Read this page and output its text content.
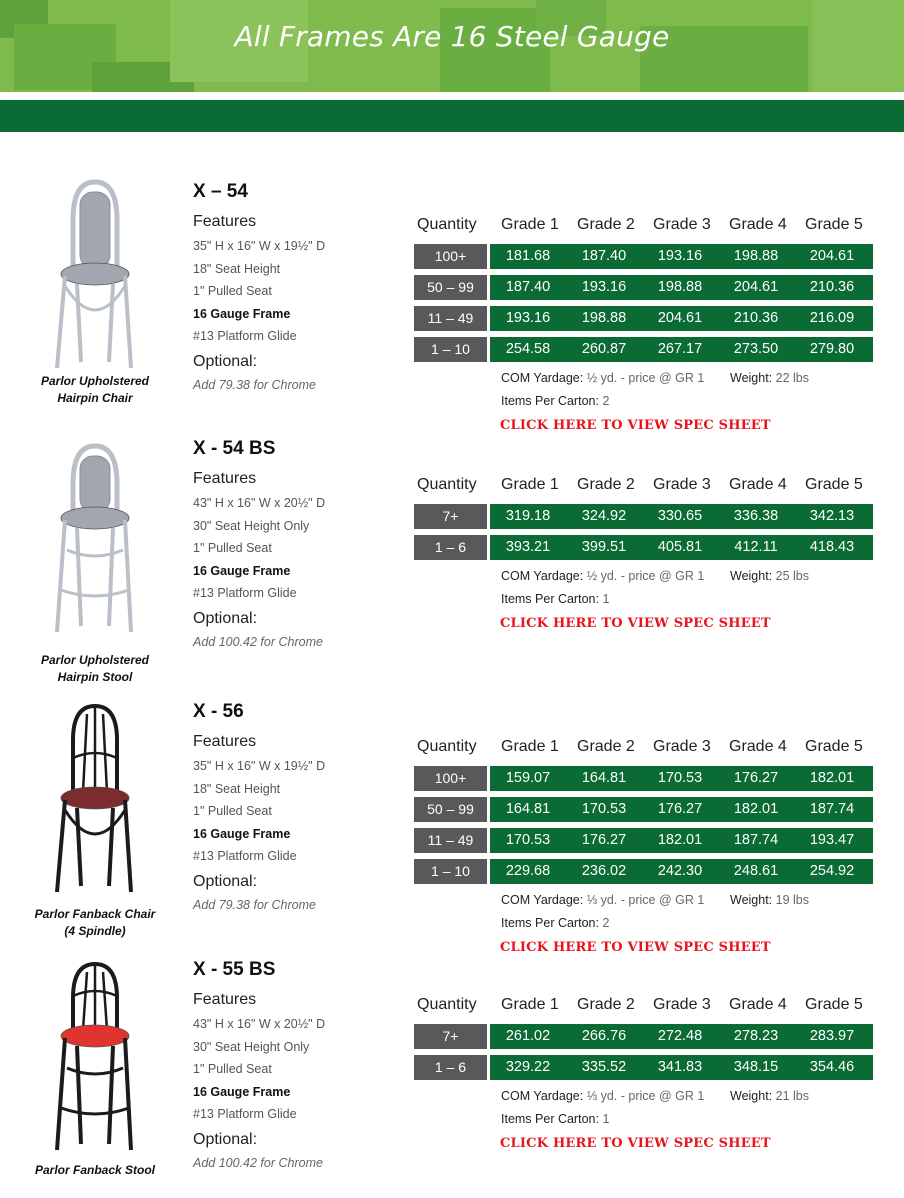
All Frames Are 16 Steel Gauge
Parlor Upholstered
Hairpin Chair
X – 54
Features
35" H x 16" W x 19½" D
18" Seat Height
1" Pulled Seat
16 Gauge Frame
#13 Platform Glide
Optional:
Add 79.38 for Chrome
Quantity Grade 1 Grade 2 Grade 3 Grade 4 Grade 5
100+	181.68	187.40	193.16	198.88	204.61
50 – 99	187.40	193.16	198.88	204.61	210.36
11 – 49	193.16	198.88	204.61	210.36	216.09
1 – 10	254.58	260.87	267.17	273.50	279.80
COM Yardage: ½ yd. - price @ GR 1 Weight: 22 lbs
Items Per Carton: 2
CLICK HERE TO VIEW SPEC SHEET
Parlor Upholstered
Hairpin Stool
X - 54 BS
Features
43" H x 16" W x 20½" D
30" Seat Height Only
1" Pulled Seat
16 Gauge Frame
#13 Platform Glide
Optional:
Add 100.42 for Chrome
Quantity Grade 1 Grade 2 Grade 3 Grade 4 Grade 5
7+	319.18	324.92	330.65	336.38	342.13
1 – 6	393.21	399.51	405.81	412.11	418.43
COM Yardage: ½ yd. - price @ GR 1 Weight: 25 lbs
Items Per Carton: 1
CLICK HERE TO VIEW SPEC SHEET
Parlor Fanback Chair
(4 Spindle)
X - 56
Features
35" H x 16" W x 19½" D
18" Seat Height
1" Pulled Seat
16 Gauge Frame
#13 Platform Glide
Optional:
Add 79.38 for Chrome
Quantity Grade 1 Grade 2 Grade 3 Grade 4 Grade 5
100+	159.07	164.81	170.53	176.27	182.01
50 – 99	164.81	170.53	176.27	182.01	187.74
11 – 49	170.53	176.27	182.01	187.74	193.47
1 – 10	229.68	236.02	242.30	248.61	254.92
COM Yardage: ⅓ yd. - price @ GR 1 Weight: 19 lbs
Items Per Carton: 2
CLICK HERE TO VIEW SPEC SHEET
Parlor Fanback Stool
X - 55 BS
Features
43" H x 16" W x 20½" D
30" Seat Height Only
1" Pulled Seat
16 Gauge Frame
#13 Platform Glide
Optional:
Add 100.42 for Chrome
Quantity Grade 1 Grade 2 Grade 3 Grade 4 Grade 5
7+	261.02	266.76	272.48	278.23	283.97
1 – 6	329.22	335.52	341.83	348.15	354.46
COM Yardage: ⅓ yd. - price @ GR 1 Weight: 21 lbs
Items Per Carton: 1
CLICK HERE TO VIEW SPEC SHEET
